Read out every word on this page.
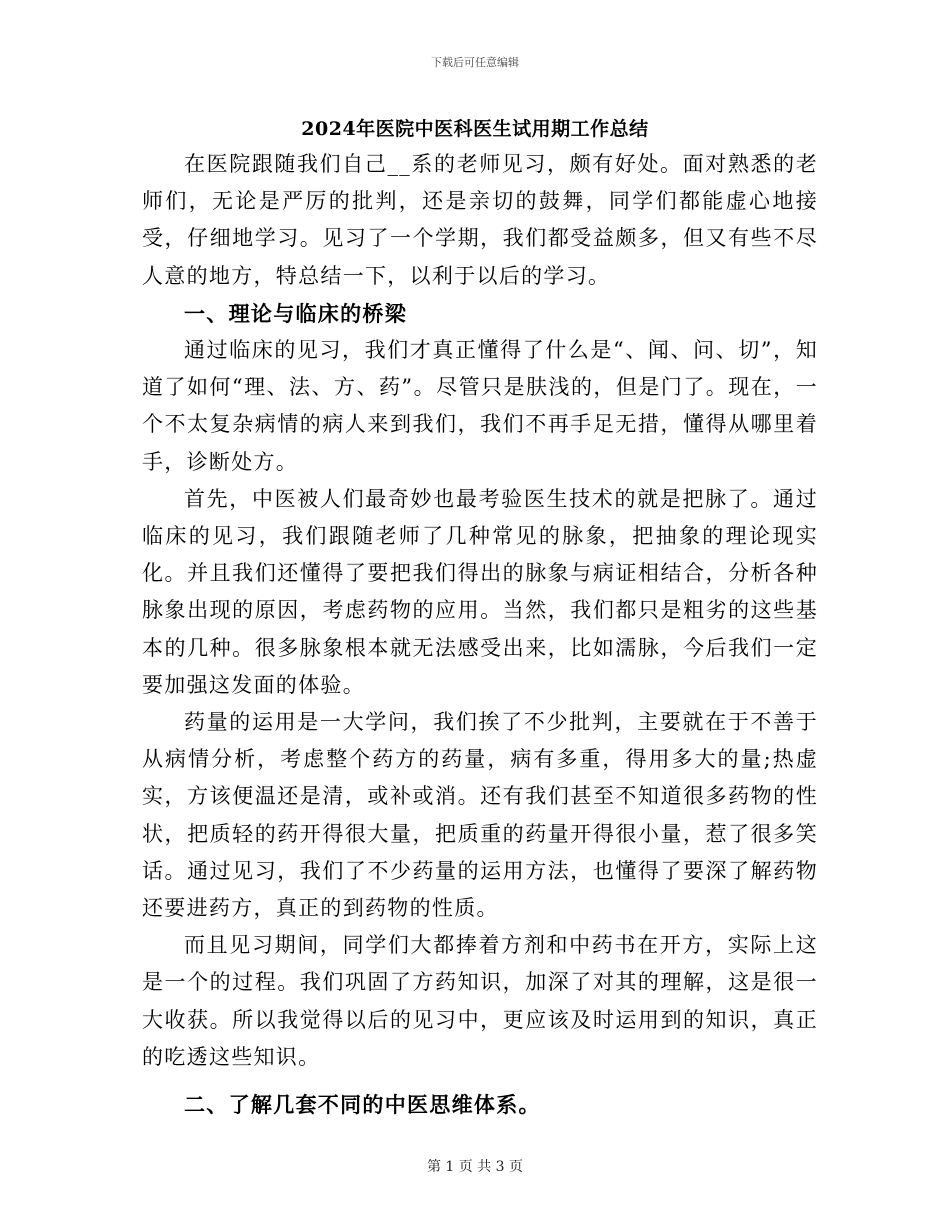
下载后可任意编辑
2024年医院中医科医生试用期工作总结

在医院跟随我们自己__系的老师见习，颇有好处。面对熟悉的老师们，无论是严厉的批判，还是亲切的鼓舞，同学们都能虚心地接受，仔细地学习。见习了一个学期，我们都受益颇多，但又有些不尽人意的地方，特总结一下，以利于以后的学习。

一、理论与临床的桥梁

通过临床的见习，我们才真正懂得了什么是“、闻、问、切”，知道了如何“理、法、方、药”。尽管只是肤浅的，但是门了。现在，一个不太复杂病情的病人来到我们，我们不再手足无措，懂得从哪里着手，诊断处方。

首先，中医被人们最奇妙也最考验医生技术的就是把脉了。通过临床的见习，我们跟随老师了几种常见的脉象，把抽象的理论现实化。并且我们还懂得了要把我们得出的脉象与病证相结合，分析各种脉象出现的原因，考虑药物的应用。当然，我们都只是粗劣的这些基本的几种。很多脉象根本就无法感受出来，比如濡脉，今后我们一定要加强这发面的体验。

药量的运用是一大学问，我们挨了不少批判，主要就在于不善于从病情分析，考虑整个药方的药量，病有多重，得用多大的量;热虚实，方该便温还是清，或补或消。还有我们甚至不知道很多药物的性状，把质轻的药开得很大量，把质重的药量开得很小量，惹了很多笑话。通过见习，我们了不少药量的运用方法，也懂得了要深了解药物还要进药方，真正的到药物的性质。

而且见习期间，同学们大都捧着方剂和中药书在开方，实际上这是一个的过程。我们巩固了方药知识，加深了对其的理解，这是很一大收获。所以我觉得以后的见习中，更应该及时运用到的知识，真正的吃透这些知识。

二、了解几套不同的中医思维体系。

第 1 页 共 3 页
